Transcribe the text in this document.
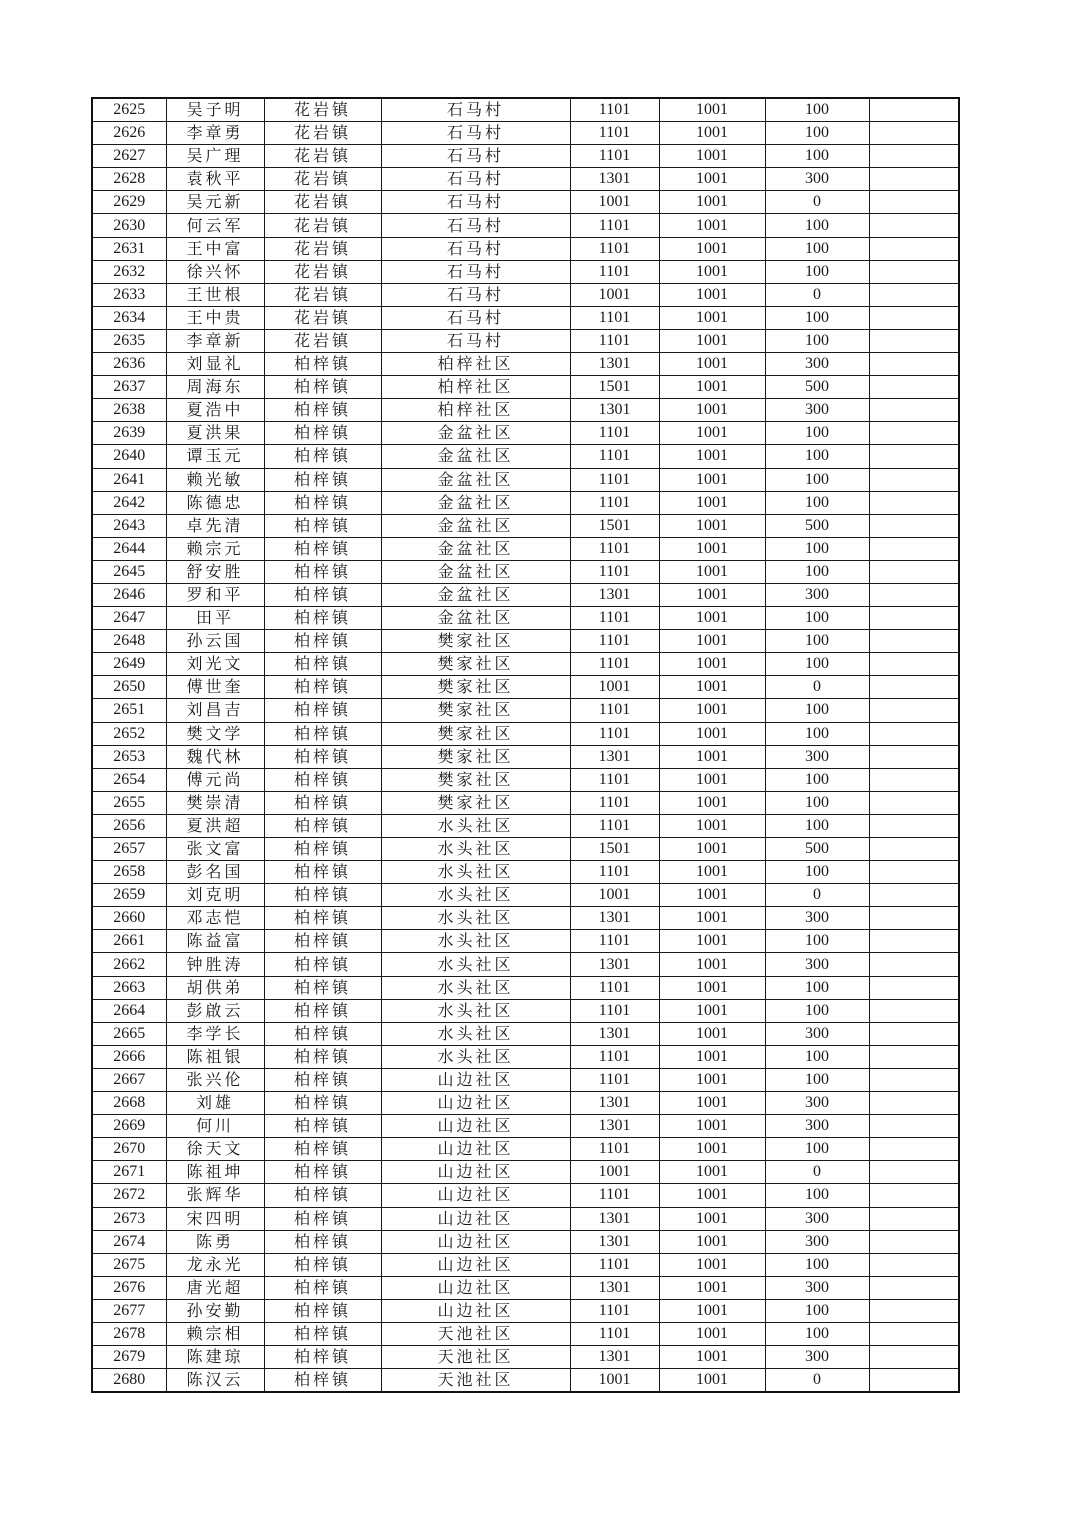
2625	吴子明	花岩镇	石马村	1101	1001	100	
2626	李章勇	花岩镇	石马村	1101	1001	100	
2627	吴广理	花岩镇	石马村	1101	1001	100	
2628	袁秋平	花岩镇	石马村	1301	1001	300	
2629	吴元新	花岩镇	石马村	1001	1001	0	
2630	何云军	花岩镇	石马村	1101	1001	100	
2631	王中富	花岩镇	石马村	1101	1001	100	
2632	徐兴怀	花岩镇	石马村	1101	1001	100	
2633	王世根	花岩镇	石马村	1001	1001	0	
2634	王中贵	花岩镇	石马村	1101	1001	100	
2635	李章新	花岩镇	石马村	1101	1001	100	
2636	刘显礼	柏梓镇	柏梓社区	1301	1001	300	
2637	周海东	柏梓镇	柏梓社区	1501	1001	500	
2638	夏浩中	柏梓镇	柏梓社区	1301	1001	300	
2639	夏洪果	柏梓镇	金盆社区	1101	1001	100	
2640	谭玉元	柏梓镇	金盆社区	1101	1001	100	
2641	赖光敏	柏梓镇	金盆社区	1101	1001	100	
2642	陈德忠	柏梓镇	金盆社区	1101	1001	100	
2643	卓先清	柏梓镇	金盆社区	1501	1001	500	
2644	赖宗元	柏梓镇	金盆社区	1101	1001	100	
2645	舒安胜	柏梓镇	金盆社区	1101	1001	100	
2646	罗和平	柏梓镇	金盆社区	1301	1001	300	
2647	田平	柏梓镇	金盆社区	1101	1001	100	
2648	孙云国	柏梓镇	樊家社区	1101	1001	100	
2649	刘光文	柏梓镇	樊家社区	1101	1001	100	
2650	傅世奎	柏梓镇	樊家社区	1001	1001	0	
2651	刘昌吉	柏梓镇	樊家社区	1101	1001	100	
2652	樊文学	柏梓镇	樊家社区	1101	1001	100	
2653	魏代林	柏梓镇	樊家社区	1301	1001	300	
2654	傅元尚	柏梓镇	樊家社区	1101	1001	100	
2655	樊崇清	柏梓镇	樊家社区	1101	1001	100	
2656	夏洪超	柏梓镇	水头社区	1101	1001	100	
2657	张文富	柏梓镇	水头社区	1501	1001	500	
2658	彭名国	柏梓镇	水头社区	1101	1001	100	
2659	刘克明	柏梓镇	水头社区	1001	1001	0	
2660	邓志恺	柏梓镇	水头社区	1301	1001	300	
2661	陈益富	柏梓镇	水头社区	1101	1001	100	
2662	钟胜涛	柏梓镇	水头社区	1301	1001	300	
2663	胡供弟	柏梓镇	水头社区	1101	1001	100	
2664	彭啟云	柏梓镇	水头社区	1101	1001	100	
2665	李学长	柏梓镇	水头社区	1301	1001	300	
2666	陈祖银	柏梓镇	水头社区	1101	1001	100	
2667	张兴伦	柏梓镇	山边社区	1101	1001	100	
2668	刘雄	柏梓镇	山边社区	1301	1001	300	
2669	何川	柏梓镇	山边社区	1301	1001	300	
2670	徐天文	柏梓镇	山边社区	1101	1001	100	
2671	陈祖坤	柏梓镇	山边社区	1001	1001	0	
2672	张辉华	柏梓镇	山边社区	1101	1001	100	
2673	宋四明	柏梓镇	山边社区	1301	1001	300	
2674	陈勇	柏梓镇	山边社区	1301	1001	300	
2675	龙永光	柏梓镇	山边社区	1101	1001	100	
2676	唐光超	柏梓镇	山边社区	1301	1001	300	
2677	孙安勤	柏梓镇	山边社区	1101	1001	100	
2678	赖宗相	柏梓镇	天池社区	1101	1001	100	
2679	陈建琼	柏梓镇	天池社区	1301	1001	300	
2680	陈汉云	柏梓镇	天池社区	1001	1001	0	
